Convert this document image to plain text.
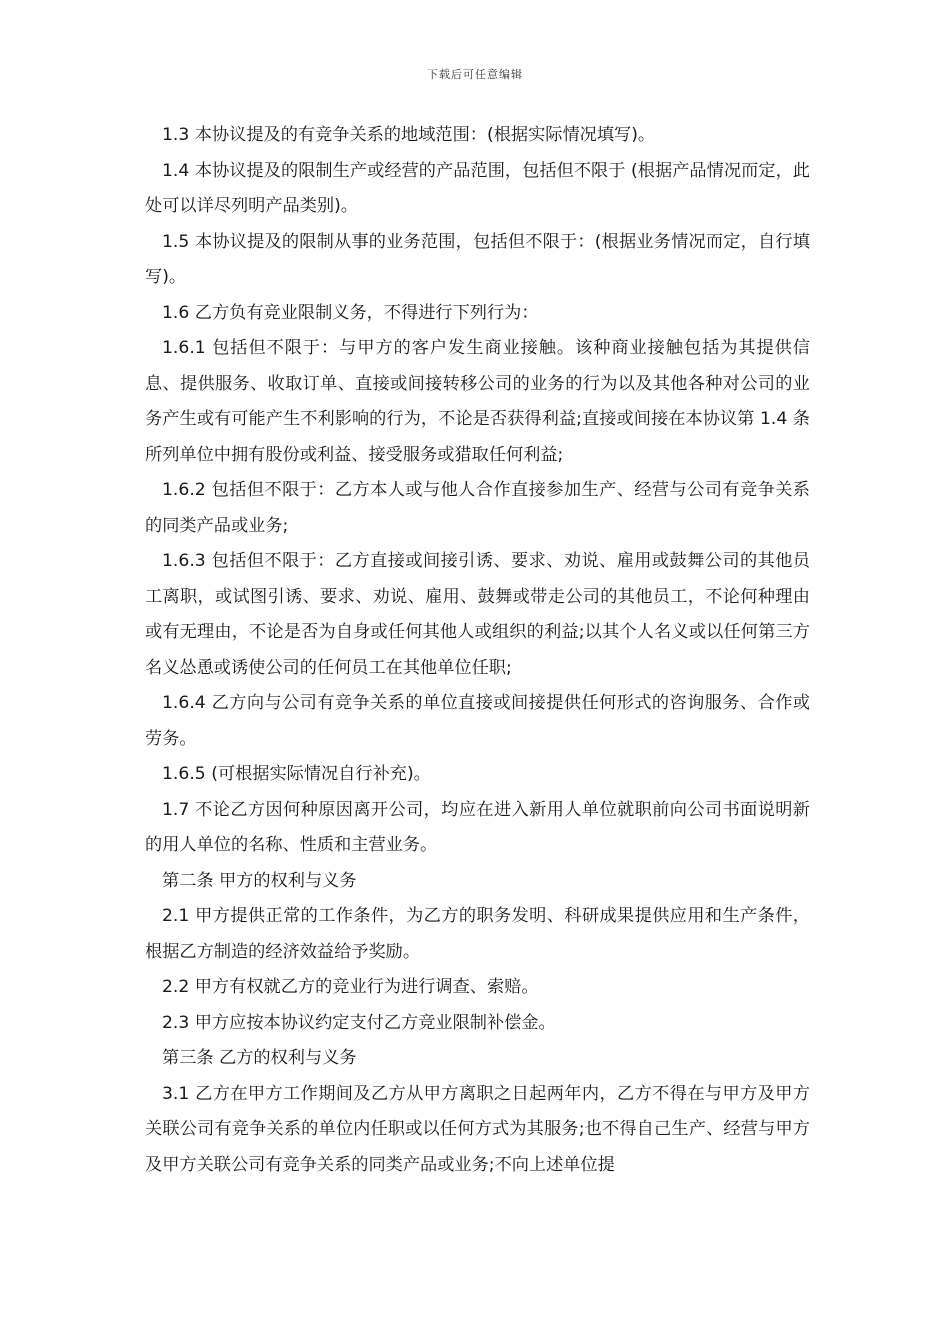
下载后可任意编辑

1.3 本协议提及的有竞争关系的地域范围：(根据实际情况填写)。

1.4 本协议提及的限制生产或经营的产品范围，包括但不限于 (根据产品情况而定，此处可以详尽列明产品类别)。

1.5 本协议提及的限制从事的业务范围，包括但不限于：(根据业务情况而定，自行填写)。

1.6 乙方负有竞业限制义务，不得进行下列行为：

1.6.1 包括但不限于：与甲方的客户发生商业接触。该种商业接触包括为其提供信息、提供服务、收取订单、直接或间接转移公司的业务的行为以及其他各种对公司的业务产生或有可能产生不利影响的行为，不论是否获得利益;直接或间接在本协议第 1.4 条所列单位中拥有股份或利益、接受服务或猎取任何利益;

1.6.2 包括但不限于：乙方本人或与他人合作直接参加生产、经营与公司有竞争关系的同类产品或业务;

1.6.3 包括但不限于：乙方直接或间接引诱、要求、劝说、雇用或鼓舞公司的其他员工离职，或试图引诱、要求、劝说、雇用、鼓舞或带走公司的其他员工，不论何种理由或有无理由，不论是否为自身或任何其他人或组织的利益;以其个人名义或以任何第三方名义怂恿或诱使公司的任何员工在其他单位任职;

1.6.4 乙方向与公司有竞争关系的单位直接或间接提供任何形式的咨询服务、合作或劳务。

1.6.5 (可根据实际情况自行补充)。

1.7 不论乙方因何种原因离开公司，均应在进入新用人单位就职前向公司书面说明新的用人单位的名称、性质和主营业务。

第二条 甲方的权利与义务

2.1 甲方提供正常的工作条件，为乙方的职务发明、科研成果提供应用和生产条件，根据乙方制造的经济效益给予奖励。

2.2 甲方有权就乙方的竞业行为进行调查、索赔。

2.3 甲方应按本协议约定支付乙方竞业限制补偿金。

第三条 乙方的权利与义务

3.1 乙方在甲方工作期间及乙方从甲方离职之日起两年内，乙方不得在与甲方及甲方关联公司有竞争关系的单位内任职或以任何方式为其服务;也不得自己生产、经营与甲方及甲方关联公司有竞争关系的同类产品或业务;不向上述单位提
